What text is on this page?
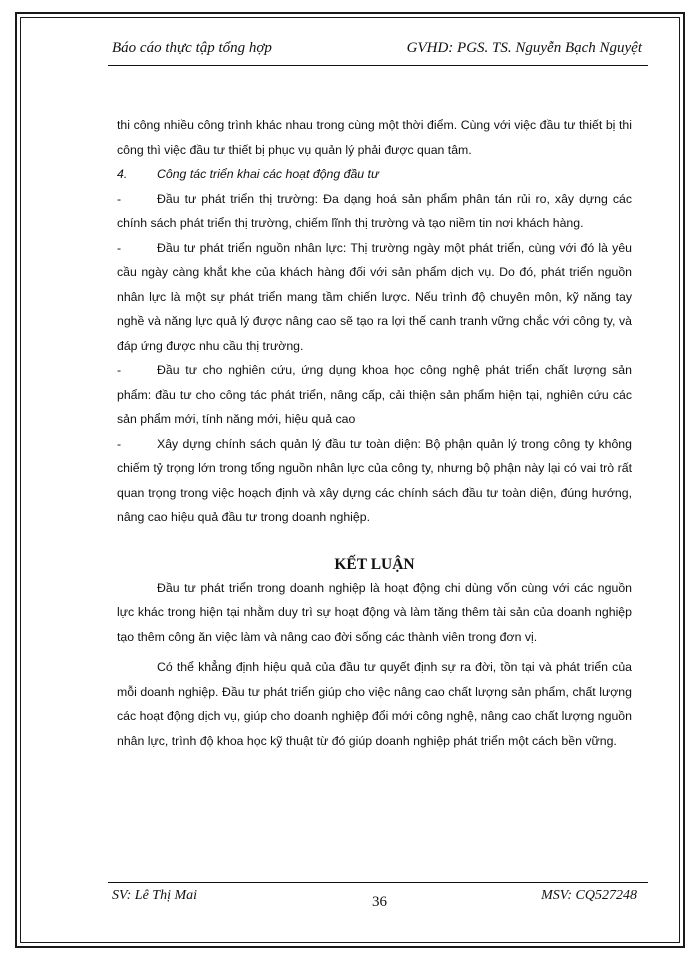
Báo cáo thực tập tổng hợp	GVHD: PGS. TS. Nguyễn Bạch Nguyệt

thi công nhiều công trình khác nhau trong cùng một thời điểm. Cùng với việc đầu tư thiết bị thi công thì việc đầu tư thiết bị phục vụ quản lý phải được quan tâm.

4.	Công tác triển khai các hoạt động đầu tư

-	Đầu tư phát triển thị trường: Đa dạng hoá sản phẩm phân tán rủi ro, xây dựng các chính sách phát triển thị trường, chiếm lĩnh thị trường và tạo niềm tin nơi khách hàng.

-	Đầu tư phát triển nguồn nhân lực: Thị trường ngày một phát triển, cùng với đó là yêu cầu ngày càng khắt khe của khách hàng đối với sản phẩm dịch vụ. Do đó, phát triển nguồn nhân lực là một sự phát triển mang tầm chiến lược. Nếu trình độ chuyên môn, kỹ năng tay nghề và năng lực quả lý được nâng cao sẽ tạo ra lợi thế canh tranh vững chắc với công ty, và đáp ứng được nhu cầu thị trường.

-	Đầu tư cho nghiên cứu, ứng dụng khoa học công nghệ phát triển chất lượng sản phẩm: đầu tư cho công tác phát triển, nâng cấp, cải thiện sản phẩm hiện tại, nghiên cứu các sản phẩm mới, tính năng mới, hiệu quả cao

-	Xây dựng chính sách quản lý đầu tư toàn diện: Bộ phận quản lý trong công ty không chiếm tỷ trọng lớn trong tổng nguồn nhân lực của công ty, nhưng bộ phận này lại có vai trò rất quan trọng trong việc hoạch định và xây dựng các chính sách đầu tư toàn diện, đúng hướng, nâng cao hiệu quả đầu tư trong doanh nghiệp.

KẾT LUẬN

Đầu tư phát triển trong doanh nghiệp là hoạt động chi dùng vốn cùng với các nguồn lực khác trong hiện tại nhằm duy trì sự hoạt động và làm tăng thêm tài sản của doanh nghiệp tạo thêm công ăn việc làm và nâng cao đời sống các thành viên trong đơn vị.

Có thể khẳng định hiệu quả của đầu tư quyết định sự ra đời, tồn tại và phát triển của mỗi doanh nghiệp. Đầu tư phát triển giúp cho việc nâng cao chất lượng sản phẩm, chất lượng các hoạt động dịch vụ, giúp cho doanh nghiệp đổi mới công nghệ, nâng cao chất lượng nguồn nhân lực, trình độ khoa học kỹ thuật từ đó giúp doanh nghiệp phát triển một cách bền vững.

SV: Lê Thị Mai	36	MSV: CQ527248
